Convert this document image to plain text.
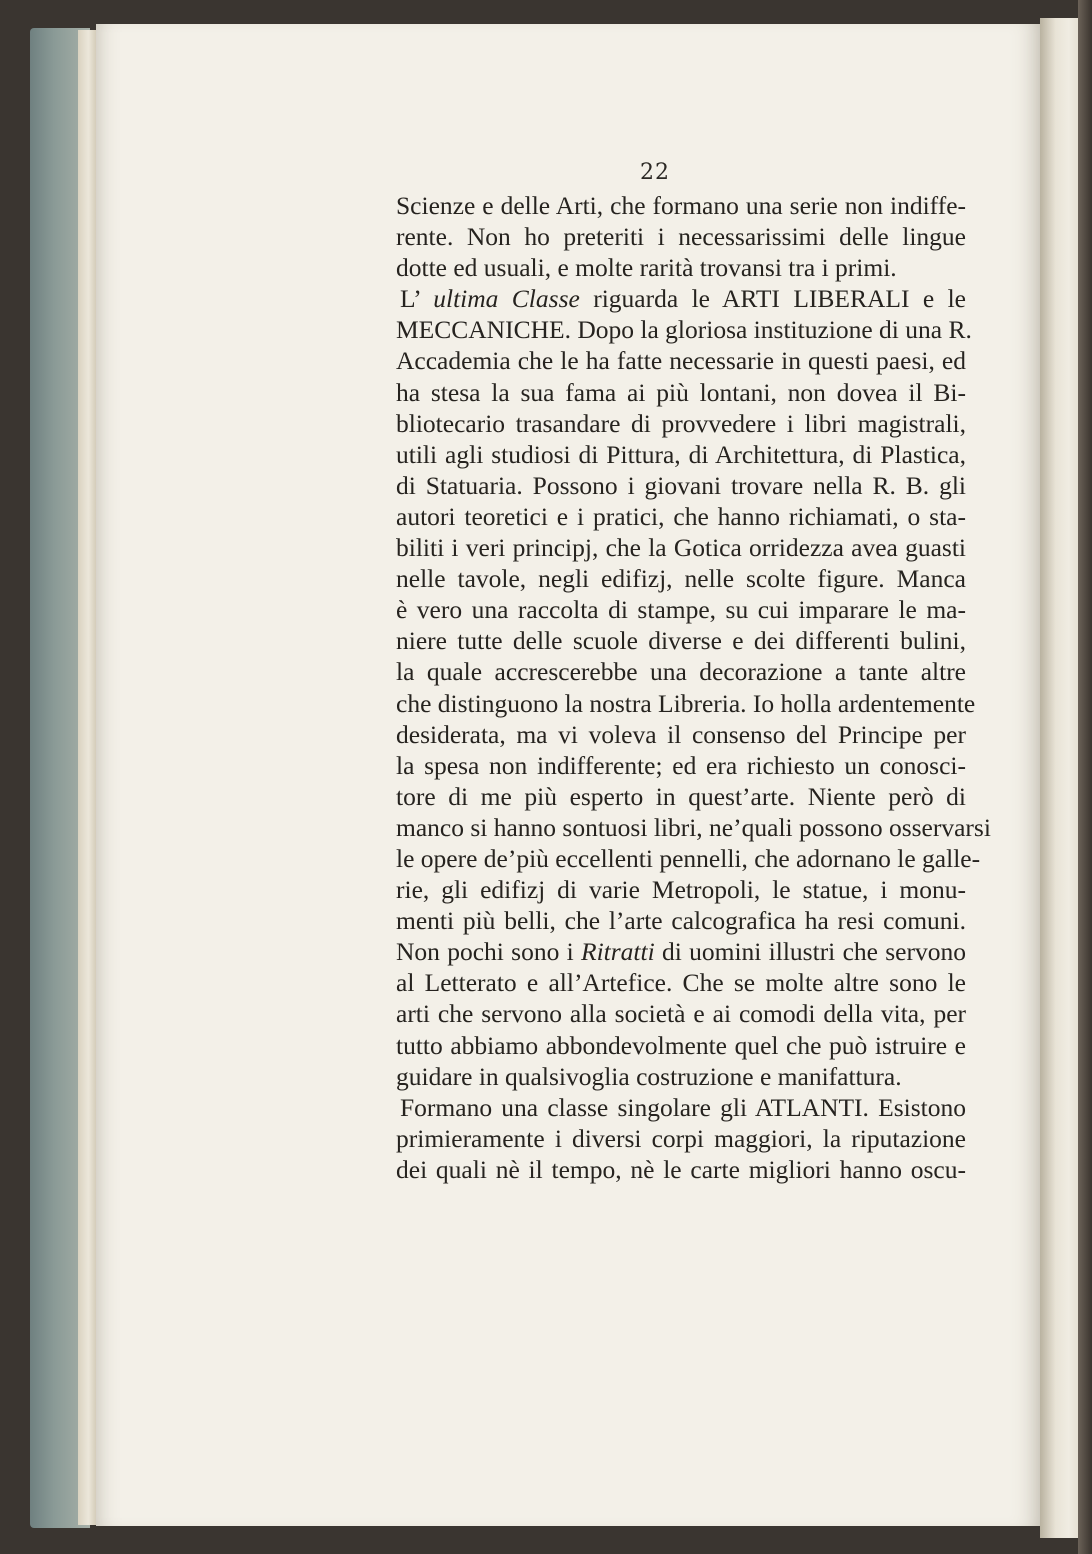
22
Scienze e delle Arti, che formano una serie non indiffe-
rente. Non ho preteriti i necessarissimi delle lingue
dotte ed usuali, e molte rarità trovansi tra i primi.
L’ ultima Classe riguarda le ARTI LIBERALI e le
MECCANICHE. Dopo la gloriosa instituzione di una R.
Accademia che le ha fatte necessarie in questi paesi, ed
ha stesa la sua fama ai più lontani, non dovea il Bi-
bliotecario trasandare di provvedere i libri magistrali,
utili agli studiosi di Pittura, di Architettura, di Plastica,
di Statuaria. Possono i giovani trovare nella R. B. gli
autori teoretici e i pratici, che hanno richiamati, o sta-
biliti i veri principj, che la Gotica orridezza avea guasti
nelle tavole, negli edifizj, nelle scolte figure. Manca
è vero una raccolta di stampe, su cui imparare le ma-
niere tutte delle scuole diverse e dei differenti bulini,
la quale accrescerebbe una decorazione a tante altre
che distinguono la nostra Libreria. Io holla ardentemente
desiderata, ma vi voleva il consenso del Principe per
la spesa non indifferente; ed era richiesto un conosci-
tore di me più esperto in quest’arte. Niente però di
manco si hanno sontuosi libri, ne’quali possono osservarsi
le opere de’più eccellenti pennelli, che adornano le galle-
rie, gli edifizj di varie Metropoli, le statue, i monu-
menti più belli, che l’arte calcografica ha resi comuni.
Non pochi sono i Ritratti di uomini illustri che servono
al Letterato e all’Artefice. Che se molte altre sono le
arti che servono alla società e ai comodi della vita, per
tutto abbiamo abbondevolmente quel che può istruire e
guidare in qualsivoglia costruzione e manifattura.
Formano una classe singolare gli ATLANTI. Esistono
primieramente i diversi corpi maggiori, la riputazione
dei quali nè il tempo, nè le carte migliori hanno oscu-
